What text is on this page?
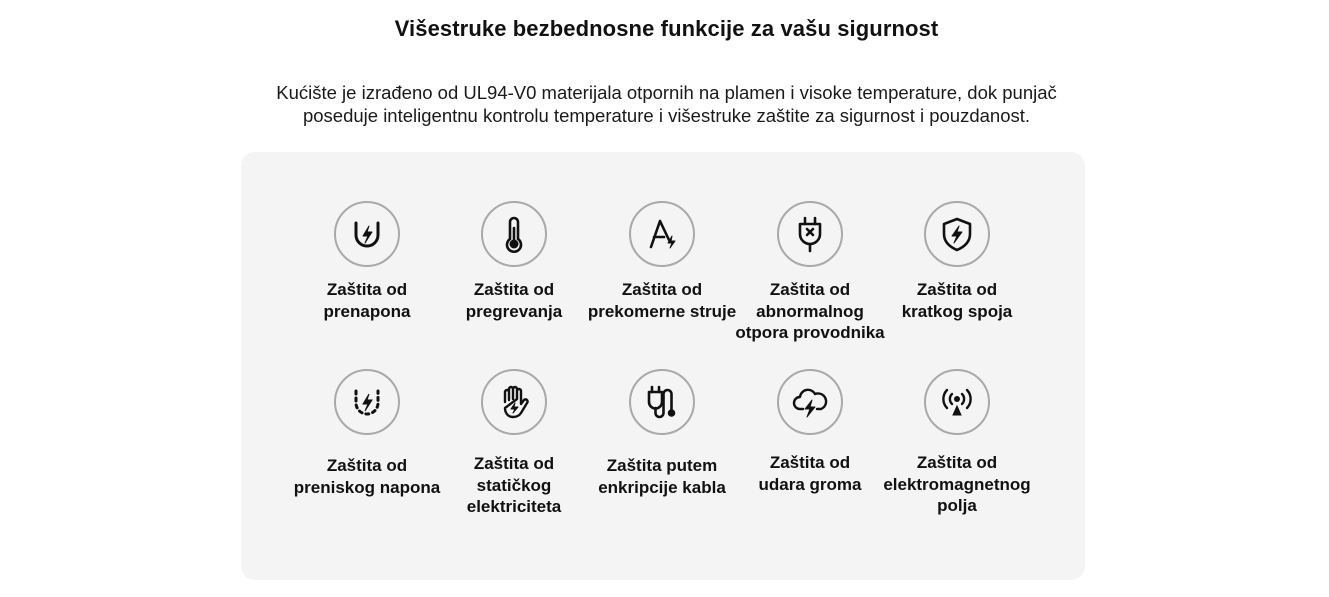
Višestruke bezbednosne funkcije za vašu sigurnost
Kućište je izrađeno od UL94-V0 materijala otpornih na plamen i visoke temperature, dok punjač
poseduje inteligentnu kontrolu temperature i višestruke zaštite za sigurnost i pouzdanost.
Zaštita od
prenapona
Zaštita od
pregrevanja
Zaštita od
prekomerne struje
Zaštita od
abnormalnog
otpora provodnika
Zaštita od
kratkog spoja
Zaštita od
preniskog napona
Zaštita od
statičkog
elektriciteta
Zaštita putem
enkripcije kabla
Zaštita od
udara groma
Zaštita od
elektromagnetnog
polja
